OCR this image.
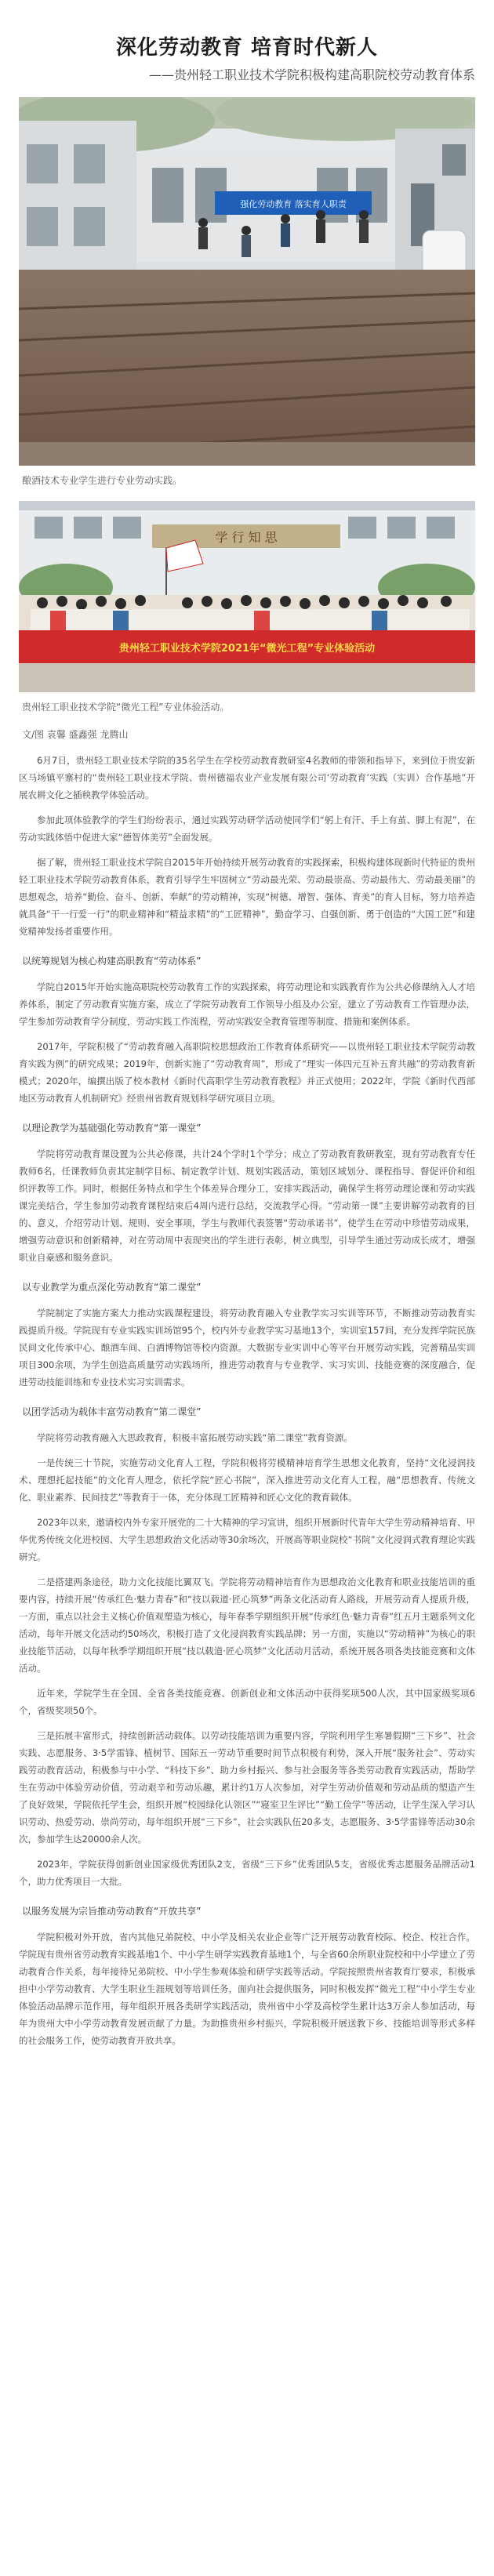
深化劳动教育 培育时代新人
——贵州轻工职业技术学院积极构建高职院校劳动教育体系
强化劳动教育 落实育人职责
酿酒技术专业学生进行专业劳动实践。
学 行 知 思
贵州轻工职业技术学院2021年“微光工程”专业体验活动
贵州轻工职业技术学院“微光工程”专业体验活动。
文/图 袁馨 盛鑫强 龙腾山

6月7日，贵州轻工职业技术学院的35名学生在学校劳动教育教研室4名教师的带领和指导下，来到位于贵安新区马场镇平寨村的“贵州轻工职业技术学院、贵州德福农业产业发展有限公司‘劳动教育’实践（实训）合作基地”开展农耕文化之插秧教学体验活动。

参加此项体验教学的学生们纷纷表示，通过实践劳动研学活动使同学们“躬上有汗、手上有茧、脚上有泥”，在劳动实践体悟中促进大家“德智体美劳”全面发展。

据了解，贵州轻工职业技术学院自2015年开始持续开展劳动教育的实践探索，积极构建体现新时代特征的贵州轻工职业技术学院劳动教育体系，教育引导学生牢固树立“劳动最光荣、劳动最崇高、劳动最伟大、劳动最美丽”的思想观念，培养“勤俭、奋斗、创新、奉献”的劳动精神，实现“树德、增智、强体、育美”的育人目标，努力培养造就具备“干一行爱一行”的职业精神和“精益求精”的“工匠精神”，勤奋学习、自强创新、勇于创造的“大国工匠”和建党精神发扬者重要作用。

以统筹规划为核心构建高职教育“劳动体系”

学院自2015年开始实施高职院校劳动教育工作的实践探索，将劳动理论和实践教育作为公共必修课纳入人才培养体系，制定了劳动教育实施方案，成立了学院劳动教育工作领导小组及办公室，建立了劳动教育工作管理办法，学生参加劳动教育学分制度，劳动实践工作流程，劳动实践安全教育管理等制度、措施和案例体系。

2017年，学院积极了“劳动教育融入高职院校思想政治工作教育体系研究——以贵州轻工职业技术学院劳动教育实践为例”的研究成果；2019年，创新实施了“劳动教育周”，形成了“理实一体四元互补五育共融”的劳动教育新模式；2020年，编撰出版了校本教材《新时代高职学生劳动教育教程》并正式使用；2022年，学院《新时代西部地区劳动教育人机制研究》经贵州省教育规划科学研究项目立项。

以理论教学为基础强化劳动教育“第一课堂”

学院将劳动教育课设置为公共必修课，共计24个学时1个学分；成立了劳动教育教研教室，现有劳动教育专任教师6名，任课教师负责其定制学目标、制定教学计划、规划实践活动，策划区域划分、课程指导、督促评价和组织评教等工作。同时，根据任务特点和学生个体差异合理分工，安排实践活动，确保学生将劳动理论课和劳动实践课完美结合，学生参加劳动教育课程结束后4周内进行总结，交流教学心得。“劳动第一课”主要讲解劳动教育的目的、意义，介绍劳动计划、规则、安全事项，学生与教师代表签署“劳动承诺书”，使学生在劳动中珍惜劳动成果，增强劳动意识和创新精神，对在劳动周中表现突出的学生进行表彰，树立典型，引导学生通过劳动成长成才，增强职业自豪感和服务意识。

以专业教学为重点深化劳动教育“第二课堂”

学院制定了实施方案大力推动实践课程建设，将劳动教育融入专业教学实习实训等环节，不断推动劳动教育实践提质升级。学院现有专业实践实训场馆95个，校内外专业教学实习基地13个，实训室157间，充分发挥学院民族民间文化传承中心、酿酒车间、白酒博物馆等校内资源。大数据专业实训中心等平台开展劳动实践，完善精品实训项目300余项，为学生创造高质量劳动实践场所，推进劳动教育与专业教学、实习实训、技能竞赛的深度融合，促进劳动技能训练和专业技术实习实训需求。

以团学活动为载体丰富劳动教育“第二课堂”

学院将劳动教育融入大思政教育，积极丰富拓展劳动实践“第二课堂”教育资源。

一是传统三十节院，实施劳动文化育人工程，学院积极将劳模精神培育学生思想文化教育，坚持“文化浸润技术、理想托起技能”的文化育人理念，依托学院“匠心书院”，深入推进劳动文化育人工程，融“思想教育、传统文化、职业素养、民间技艺”等教育于一体，充分体现工匠精神和匠心文化的教育载体。

2023年以来，邀请校内外专家开展党的二十大精神的学习宣讲，组织开展新时代青年大学生劳动精神培育、甲华优秀传统文化进校园、大学生思想政治文化活动等30余场次，开展高等职业院校“书院”文化浸润式教育理论实践研究。

二是搭建两条途径，助力文化技能比翼双飞。学院将劳动精神培育作为思想政治文化教育和职业技能培训的重要内容，持续开展“传承红色·魅力青春”和“技以载道·匠心筑梦”两条文化活动育人路线，开展劳动育人提质升级，一方面，重点以社会主义核心价值观塑造为核心，每年春季学期组织开展“传承红色·魅力青春”红五月主题系列文化活动，每年开展文化活动约50场次，积极打造了文化浸润教育实践品牌；另一方面，实施以“劳动精神”为核心的职业技能节活动，以每年秋季学期组织开展“技以载道·匠心筑梦”文化活动月活动，系统开展各项各类技能竞赛和文体活动。

近年来，学院学生在全国、全省各类技能竞赛、创新创业和文体活动中获得奖项500人次，其中国家级奖项6个，省级奖项50个。

三是拓展丰富形式，持续创新活动载体。以劳动技能培训为重要内容，学院利用学生寒暑假期“三下乡”、社会实践、志愿服务、3·5学雷锋、植树节、国际五一劳动节重要时间节点积极有利势，深入开展“服务社会”、劳动实践劳动教育活动，积极参与中小学、“科技下乡”、助力乡村振兴、参与社会服务等各类劳动教育实践活动，帮助学生在劳动中体验劳动价值，劳动艰辛和劳动乐趣，累计约1万人次参加，对学生劳动价值观和劳动品质的塑造产生了良好效果，学院依托学生会，组织开展“校园绿化认领区”“寝室卫生评比”“勤工俭学”等活动，让学生深入学习认识劳动、热爱劳动、崇尚劳动，每年组织开展“三下乡”，社会实践队伍20多支，志愿服务、3·5学雷锋等活动30余次，参加学生达20000余人次。

2023年，学院获得创新创业国家级优秀团队2支，省级“三下乡”优秀团队5支，省级优秀志愿服务品牌活动1个，助力优秀项目一大批。

以服务发展为宗旨推动劳动教育“开放共享”

学院积极对外开放，省内其他兄弟院校、中小学及相关农业企业等广泛开展劳动教育校际、校企、校社合作。学院现有贵州省劳动教育实践基地1个、中小学生研学实践教育基地1个，与全省60余所职业院校和中小学建立了劳动教育合作关系，每年接待兄弟院校、中小学生参观体验和研学实践等活动。学院按照贵州省教育厅要求，积极承担中小学劳动教育、大学生职业生涯规划等培训任务，面向社会提供服务，同时积极发挥“微光工程”中小学生专业体验活动品牌示范作用，每年组织开展各类研学实践活动，贵州省中小学及高校学生累计达3万余人参加活动，每年为贵州大中小学劳动教育发展贡献了力量。为助推贵州乡村振兴，学院积极开展送教下乡、技能培训等形式多样的社会服务工作，使劳动教育开放共享。
